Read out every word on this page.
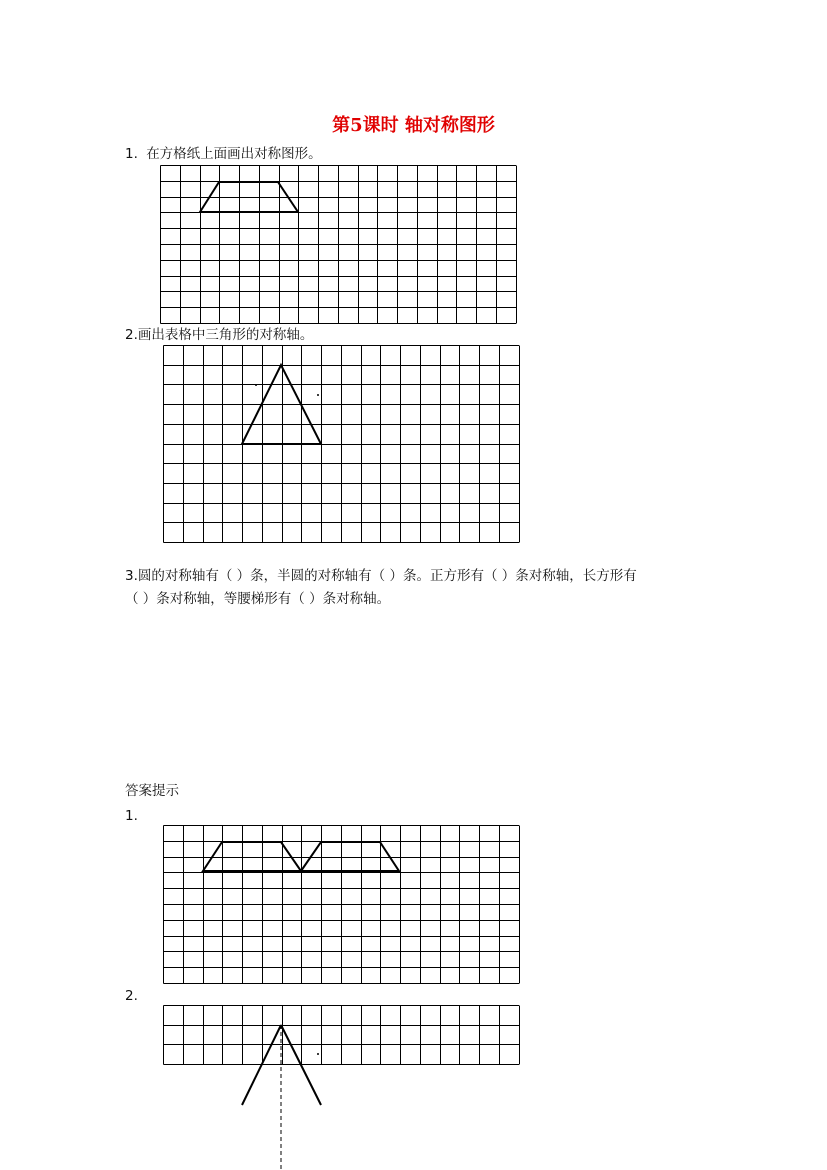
第5课时 轴对称图形
1. 在方格纸上面画出对称图形。
2.画出表格中三角形的对称轴。
3.圆的对称轴有（ ）条，半圆的对称轴有（ ）条。正方形有（ ）条对称轴，长方形有
（ ）条对称轴，等腰梯形有（ ）条对称轴。
答案提示
1.
2.
